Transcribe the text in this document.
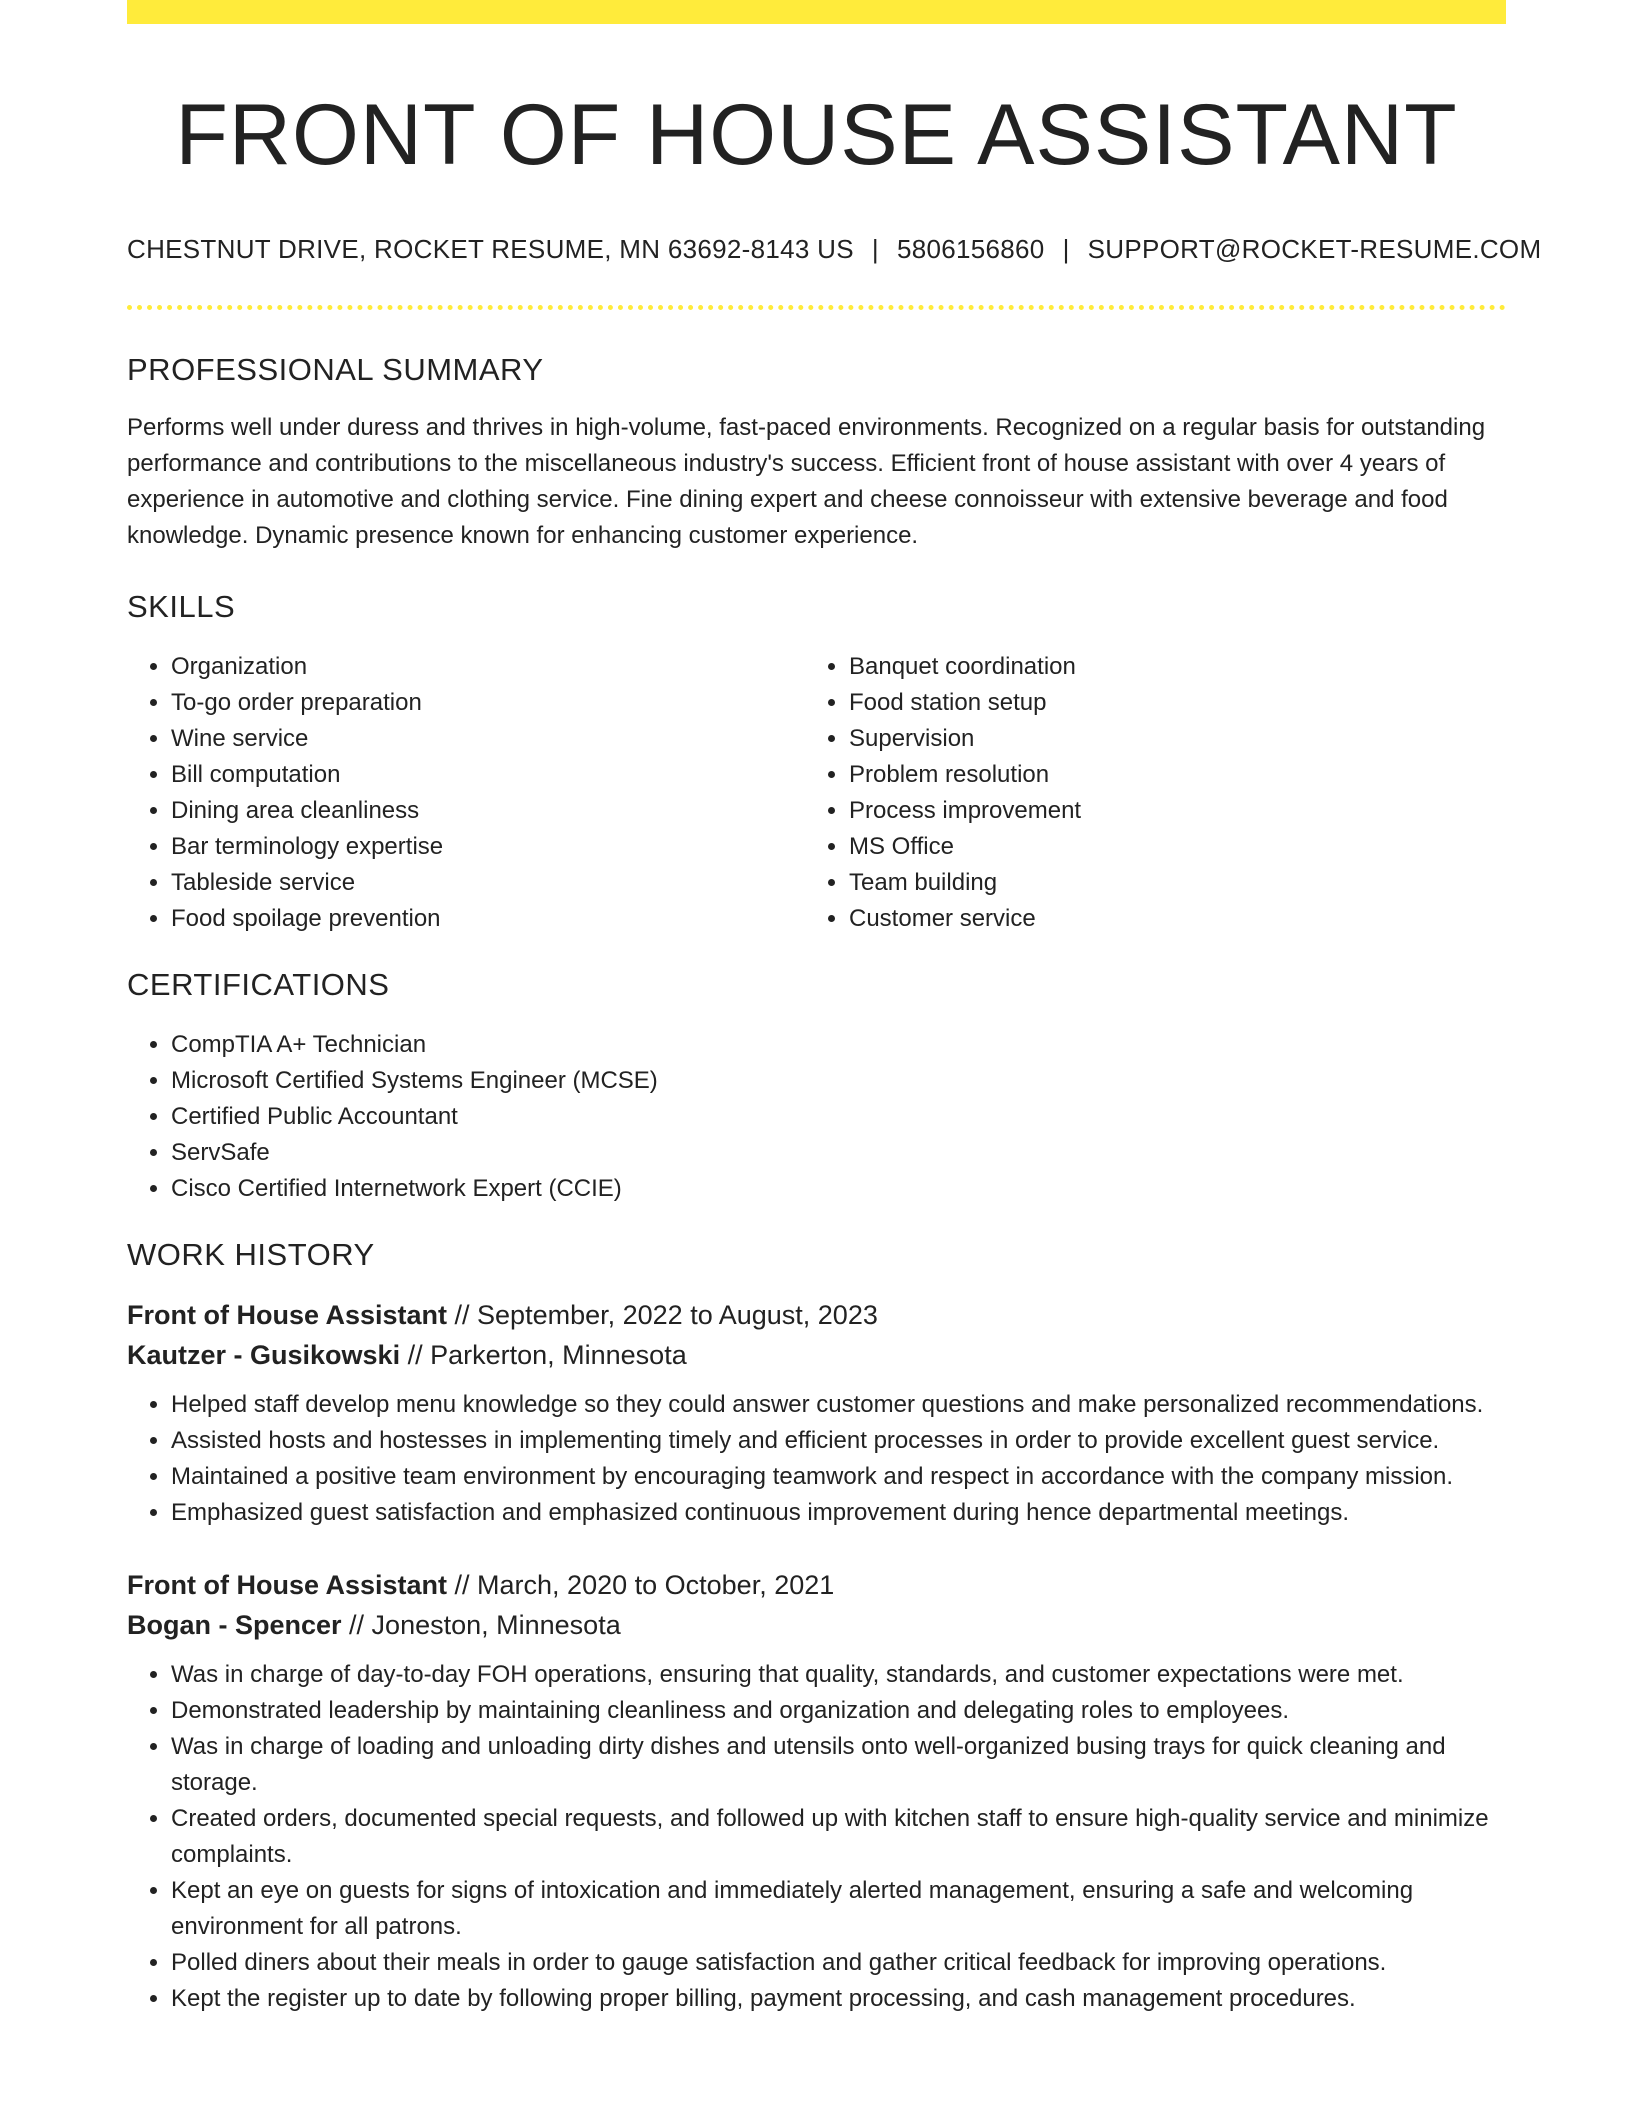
FRONT OF HOUSE ASSISTANT
CHESTNUT DRIVE, ROCKET RESUME, MN 63692-8143 US | 5806156860 | SUPPORT@ROCKET-RESUME.COM
PROFESSIONAL SUMMARY
Performs well under duress and thrives in high-volume, fast-paced environments. Recognized on a regular basis for outstanding performance and contributions to the miscellaneous industry's success. Efficient front of house assistant with over 4 years of experience in automotive and clothing service. Fine dining expert and cheese connoisseur with extensive beverage and food knowledge. Dynamic presence known for enhancing customer experience.
SKILLS
• Organization
• To-go order preparation
• Wine service
• Bill computation
• Dining area cleanliness
• Bar terminology expertise
• Tableside service
• Food spoilage prevention
• Banquet coordination
• Food station setup
• Supervision
• Problem resolution
• Process improvement
• MS Office
• Team building
• Customer service
CERTIFICATIONS
• CompTIA A+ Technician
• Microsoft Certified Systems Engineer (MCSE)
• Certified Public Accountant
• ServSafe
• Cisco Certified Internetwork Expert (CCIE)
WORK HISTORY
Front of House Assistant // September, 2022 to August, 2023
Kautzer - Gusikowski // Parkerton, Minnesota
• Helped staff develop menu knowledge so they could answer customer questions and make personalized recommendations.
• Assisted hosts and hostesses in implementing timely and efficient processes in order to provide excellent guest service.
• Maintained a positive team environment by encouraging teamwork and respect in accordance with the company mission.
• Emphasized guest satisfaction and emphasized continuous improvement during hence departmental meetings.
Front of House Assistant // March, 2020 to October, 2021
Bogan - Spencer // Joneston, Minnesota
• Was in charge of day-to-day FOH operations, ensuring that quality, standards, and customer expectations were met.
• Demonstrated leadership by maintaining cleanliness and organization and delegating roles to employees.
• Was in charge of loading and unloading dirty dishes and utensils onto well-organized busing trays for quick cleaning and storage.
• Created orders, documented special requests, and followed up with kitchen staff to ensure high-quality service and minimize complaints.
• Kept an eye on guests for signs of intoxication and immediately alerted management, ensuring a safe and welcoming environment for all patrons.
• Polled diners about their meals in order to gauge satisfaction and gather critical feedback for improving operations.
• Kept the register up to date by following proper billing, payment processing, and cash management procedures.
